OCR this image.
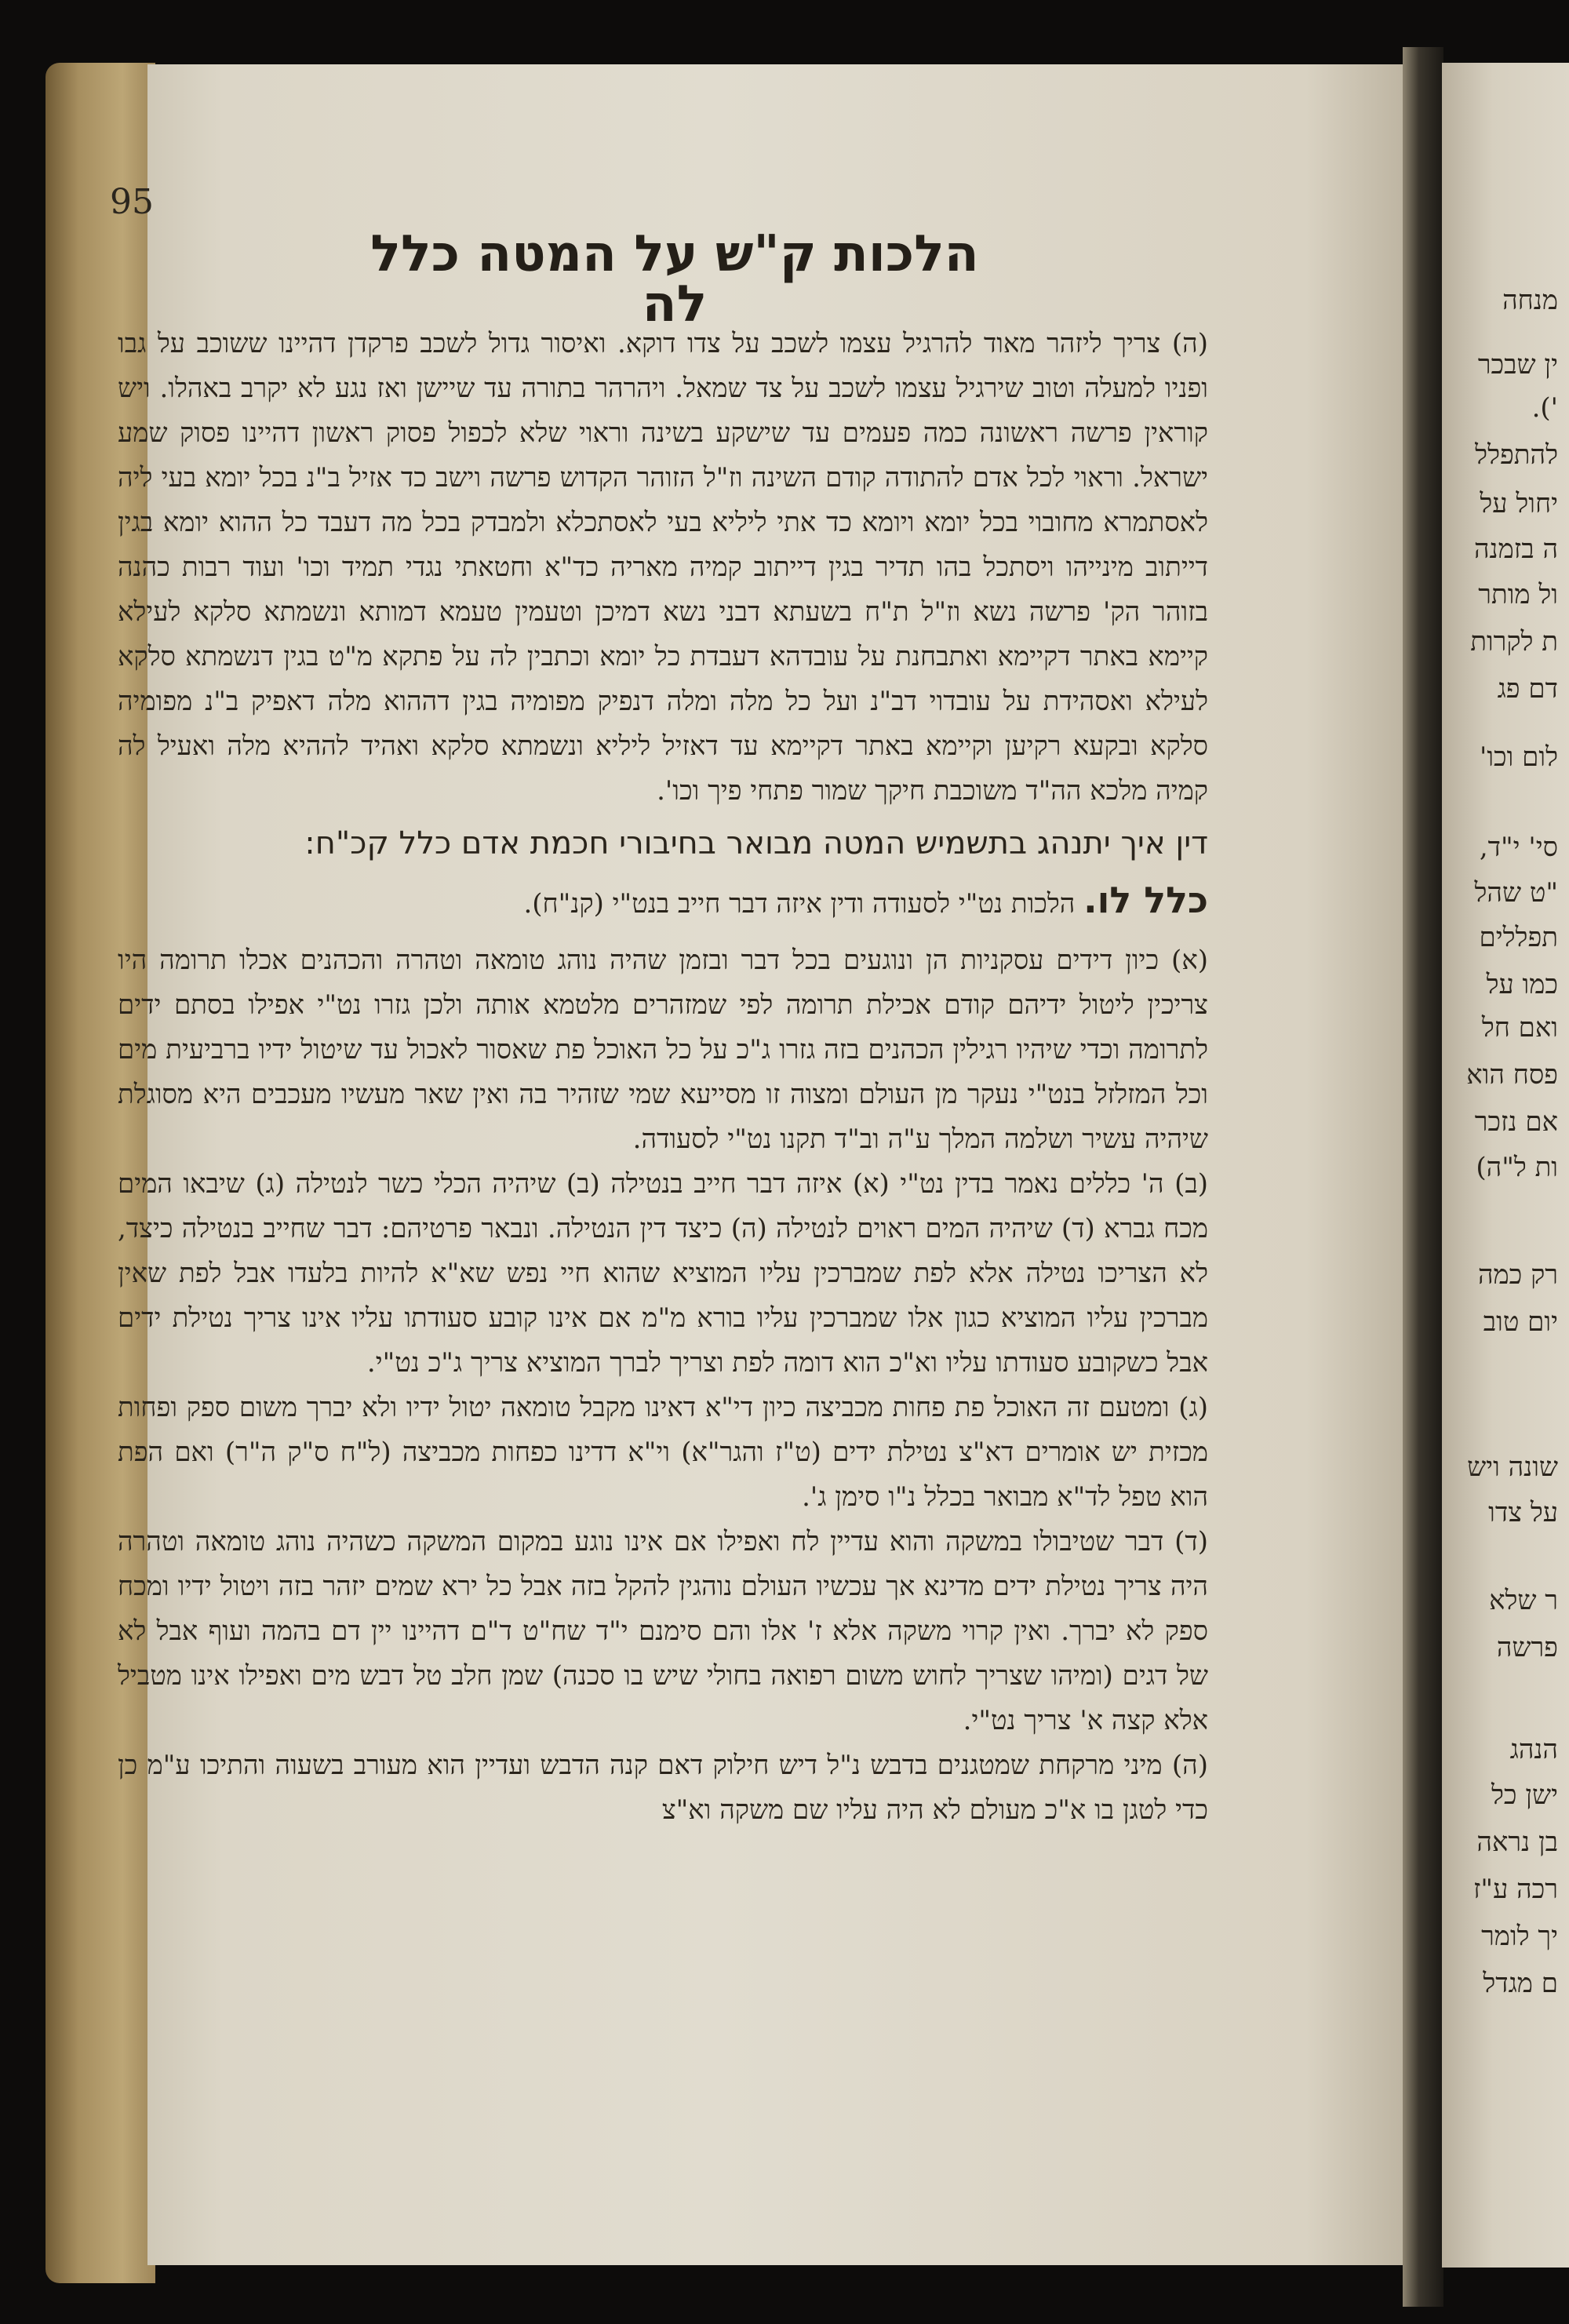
מנחה
ין שבכר
').
להתפלל
יחול על
ה בזמנה
ול מותר
ת לקרות
דם פג
לום וכו'
סי' י"ד,
"ט שהל
תפללים
כמו על
ואם חל
פסח הוא
אם נזכר
ות ל"ה)
רק כמה
יום טוב
שונה ויש
על צדו
ר שלא
פרשה
הנהג
ישן כל
בן נראה
רכה ע"ז
יך לומר
ם מגדל
95
הלכות ק"ש על המטה כלל לה

(ה) צריך ליזהר מאוד להרגיל עצמו לשכב על צדו דוקא. ואיסור גדול לשכב פרקדן דהיינו ששוכב על גבו ופניו למעלה וטוב שירגיל עצמו לשכב על צד שמאל. ויהרהר בתורה עד שיישן ואז נגע לא יקרב באהלו. ויש קוראין פרשה ראשונה כמה פעמים עד שישקע בשינה וראוי שלא לכפול פסוק ראשון דהיינו פסוק שמע ישראל. וראוי לכל אדם להתודה קודם השינה וז"ל הזוהר הקדוש פרשה וישב כד אזיל ב"נ בכל יומא בעי ליה לאסתמרא מחובוי בכל יומא ויומא כד אתי ליליא בעי לאסתכלא ולמבדק בכל מה דעבד כל ההוא יומא בגין דייתוב מינייהו ויסתכל בהו תדיר בגין דייתוב קמיה מאריה כד"א וחטאתי נגדי תמיד וכו' ועוד רבות כהנה בזוהר הק' פרשה נשא וז"ל ת"ח בשעתא דבני נשא דמיכן וטעמין טעמא דמותא ונשמתא סלקא לעילא קיימא באתר דקיימא ואתבחנת על עובדהא דעבדת כל יומא וכתבין לה על פתקא מ"ט בגין דנשמתא סלקא לעילא ואסהידת על עובדוי דב"נ ועל כל מלה ומלה דנפיק מפומיה בגין דההוא מלה דאפיק ב"נ מפומיה סלקא ובקעא רקיען וקיימא באתר דקיימא עד דאזיל ליליא ונשמתא סלקא ואהיד לההיא מלה ואעיל לה קמיה מלכא הה"ד משוכבת חיקך שמור פתחי פיך וכו'.

דין איך יתנהג בתשמיש המטה מבואר בחיבורי חכמת אדם כלל קכ"ח:

כלל לו. הלכות נט"י לסעודה ודין איזה דבר חייב בנט"י (קנ"ח).

(א) כיון דידים עסקניות הן ונוגעים בכל דבר ובזמן שהיה נוהג טומאה וטהרה והכהנים אכלו תרומה היו צריכין ליטול ידיהם קודם אכילת תרומה לפי שמזהרים מלטמא אותה ולכן גזרו נט"י אפילו בסתם ידים לתרומה וכדי שיהיו רגילין הכהנים בזה גזרו ג"כ על כל האוכל פת שאסור לאכול עד שיטול ידיו ברביעית מים וכל המזלזל בנט"י נעקר מן העולם ומצוה זו מסייעא שמי שזהיר בה ואין שאר מעשיו מעכבים היא מסוגלת שיהיה עשיר ושלמה המלך ע"ה וב"ד תקנו נט"י לסעודה.

(ב) ה' כללים נאמר בדין נט"י (א) איזה דבר חייב בנטילה (ב) שיהיה הכלי כשר לנטילה (ג) שיבאו המים מכח גברא (ד) שיהיה המים ראוים לנטילה (ה) כיצד דין הנטילה. ונבאר פרטיהם: דבר שחייב בנטילה כיצד, לא הצריכו נטילה אלא לפת שמברכין עליו המוציא שהוא חיי נפש שא"א להיות בלעדו אבל לפת שאין מברכין עליו המוציא כגון אלו שמברכין עליו בורא מ"מ אם אינו קובע סעודתו עליו אינו צריך נטילת ידים אבל כשקובע סעודתו עליו וא"כ הוא דומה לפת וצריך לברך המוציא צריך ג"כ נט"י.

(ג) ומטעם זה האוכל פת פחות מכביצה כיון די"א דאינו מקבל טומאה יטול ידיו ולא יברך משום ספק ופחות מכזית יש אומרים דא"צ נטילת ידים (ט"ז והגר"א) וי"א דדינו כפחות מכביצה (ל"ח ס"ק ה"ר) ואם הפת הוא טפל לד"א מבואר בכלל נ"ו סימן ג'.

(ד) דבר שטיבולו במשקה והוא עדיין לח ואפילו אם אינו נוגע במקום המשקה כשהיה נוהג טומאה וטהרה היה צריך נטילת ידים מדינא אך עכשיו העולם נוהגין להקל בזה אבל כל ירא שמים יזהר בזה ויטול ידיו ומכח ספק לא יברך. ואין קרוי משקה אלא ז' אלו והם סימנם י"ד שח"ט ד"ם דהיינו יין דם בהמה ועוף אבל לא של דגים (ומיהו שצריך לחוש משום רפואה בחולי שיש בו סכנה) שמן חלב טל דבש מים ואפילו אינו מטביל אלא קצה א' צריך נט"י.

(ה) מיני מרקחת שמטגנים בדבש נ"ל דיש חילוק דאם קנה הדבש ועדיין הוא מעורב בשעוה והתיכו ע"מ כן כדי לטגן בו א"כ מעולם לא היה עליו שם משקה וא"צ
